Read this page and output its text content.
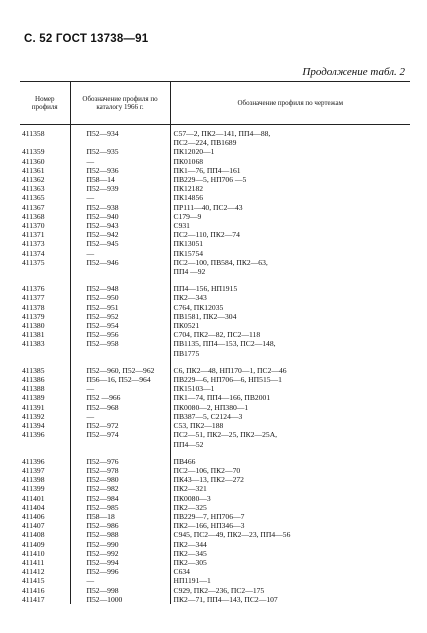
С. 52 ГОСТ 13738—91
Продолжение табл. 2
Номер профиля	Обозначение профиля по каталогу 1966 г.	Обозначение профиля по чертежам
411358	П52—934	С57—2, ПК2—141, ПП4—88,
ПС2—224, ПВ1689

411359	П52—935	ПК12020—1

411360	—	ПК01068

411361	П52—936	ПК1—76, ПП4—161

411362	П58—14	ПВ229—5, НП706 —5

411363	П52—939	ПК12182

411365	—	ПК14856

411367	П52—938	ПР111—40, ПС2—43

411368	П52—940	С179—9

411370	П52—943	С931

411371	П52—942	ПС2—110, ПК2—74

411373	П52—945	ПК13051

411374	—	ПК15754

411375	П52—946	ПС2—100, ПВ584, ПК2—63,
ПП4 —92

411376	П52—948	ПП4—156, НП1915

411377	П52—950	ПК2—343

411378	П52—951	С764, ПК12035

411379	П52—952	ПВ1581, ПК2—304

411380	П52—954	ПК0521

411381	П52—956	С704, ПК2—82, ПС2—118

411383	П52—958	ПВ1135, ПП4—153, ПС2—148,
ПВ1775

411385	П52—960, П52—962	С6, ПК2—48, НП170—1, ПС2—46

411386	П56—16, П52—964	ПВ229—6, НП706—6, НП515—1

411388	—	ПК15103—1

411389	П52 —966	ПК1—74, ПП4—166, ПВ2001

411391	П52—968	ПК0080—2, НП380—1

411392	—	ПВ387—5, С2124—3

411394	П52—972	С53, ПК2—188

411396	П52—974	ПС2—51, ПК2—25, ПК2—25А,
ПП4—52

411396	П52—976	ПВ466

411397	П52—978	ПС2—106, ПК2—70

411398	П52—980	ПК43—13, ПК2—272

411399	П52—982	ПК2—321

411401	П52—984	ПК0080—3

411404	П52—985	ПК2—325

411406	П58—18	ПВ229—7, НП706—7

411407	П52—986	ПК2—166, НП346—3

411408	П52—988	С945, ПС2—49, ПК2—23, ПП4—56

411409	П52—990	ПК2—344

411410	П52—992	ПК2—345

411411	П52—994	ПК2—305

411412	П52—996	С634

411415	—	НП1191—1

411416	П52—998	С929, ПК2—236, ПС2—175

411417	П52—1000	ПК2—71, ПП4—143, ПС2—107
